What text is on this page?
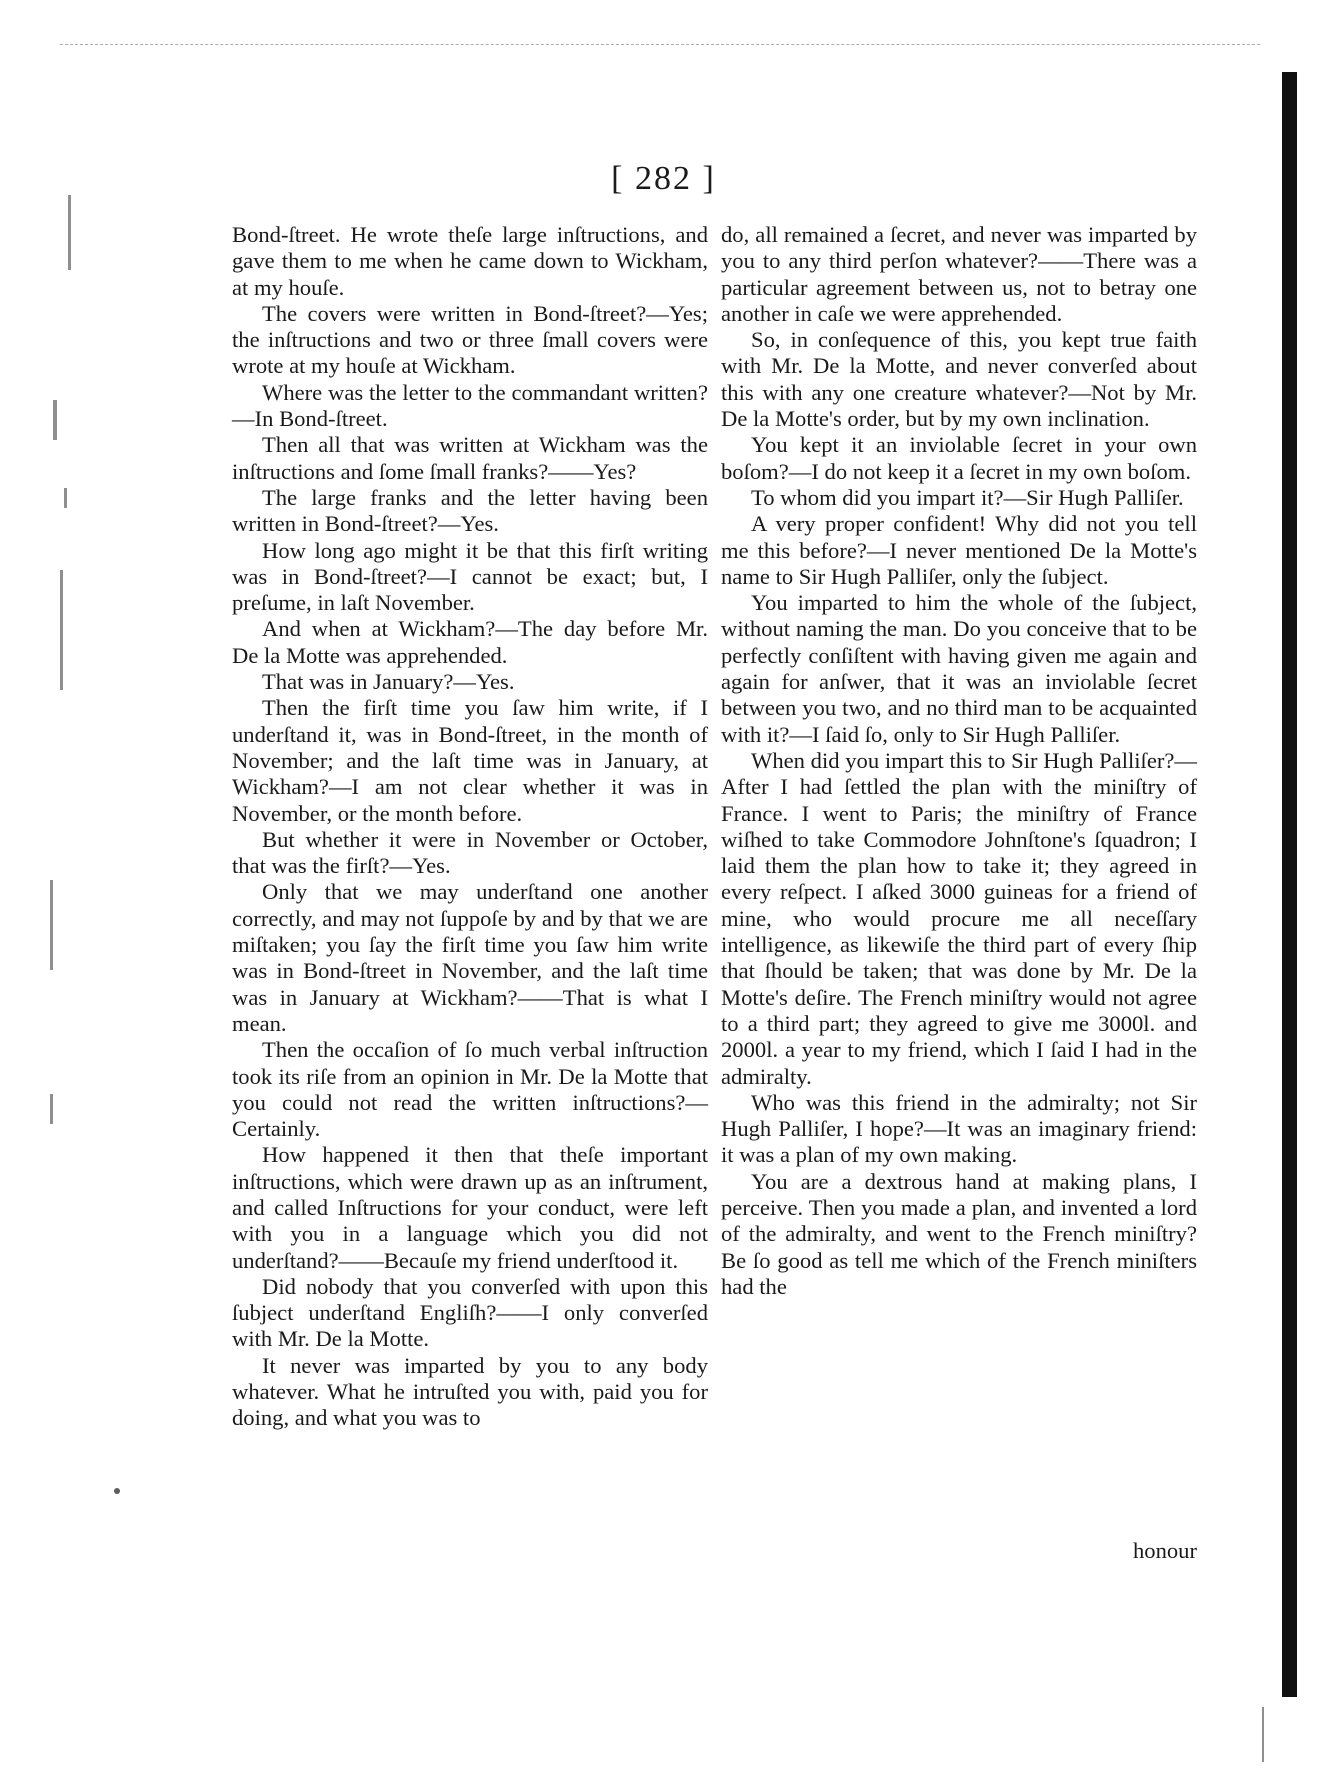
[ 282 ]

Bond-ſtreet. He wrote theſe large inſtructions, and gave them to me when he came down to Wickham, at my houſe.

The covers were written in Bond-ſtreet?—Yes; the inſtructions and two or three ſmall covers were wrote at my houſe at Wickham.

Where was the letter to the commandant written?—In Bond-ſtreet.

Then all that was written at Wickham was the inſtructions and ſome ſmall franks?——Yes?

The large franks and the letter having been written in Bond-ſtreet?—Yes.

How long ago might it be that this firſt writing was in Bond-ſtreet?—I cannot be exact; but, I preſume, in laſt November.

And when at Wickham?—The day before Mr. De la Motte was apprehended.

That was in January?—Yes.

Then the firſt time you ſaw him write, if I underſtand it, was in Bond-ſtreet, in the month of November; and the laſt time was in January, at Wickham?—I am not clear whether it was in November, or the month before.

But whether it were in November or October, that was the firſt?—Yes.

Only that we may underſtand one another correctly, and may not ſuppoſe by and by that we are miſtaken; you ſay the firſt time you ſaw him write was in Bond-ſtreet in November, and the laſt time was in January at Wickham?——That is what I mean.

Then the occaſion of ſo much verbal inſtruction took its riſe from an opinion in Mr. De la Motte that you could not read the written inſtructions?—Certainly.

How happened it then that theſe important inſtructions, which were drawn up as an inſtrument, and called Inſtructions for your conduct, were left with you in a language which you did not underſtand?——Becauſe my friend underſtood it.

Did nobody that you converſed with upon this ſubject underſtand Engliſh?——I only converſed with Mr. De la Motte.

It never was imparted by you to any body whatever. What he intruſted you with, paid you for doing, and what you was to

do, all remained a ſecret, and never was imparted by you to any third perſon whatever?——There was a particular agreement between us, not to betray one another in caſe we were apprehended.

So, in conſequence of this, you kept true faith with Mr. De la Motte, and never converſed about this with any one creature whatever?—Not by Mr. De la Motte's order, but by my own inclination.

You kept it an inviolable ſecret in your own boſom?—I do not keep it a ſecret in my own boſom.

To whom did you impart it?—Sir Hugh Palliſer.

A very proper confident! Why did not you tell me this before?—I never mentioned De la Motte's name to Sir Hugh Palliſer, only the ſubject.

You imparted to him the whole of the ſubject, without naming the man. Do you conceive that to be perfectly conſiſtent with having given me again and again for anſwer, that it was an inviolable ſecret between you two, and no third man to be acquainted with it?—I ſaid ſo, only to Sir Hugh Palliſer.

When did you impart this to Sir Hugh Palliſer?—After I had ſettled the plan with the miniſtry of France. I went to Paris; the miniſtry of France wiſhed to take Commodore Johnſtone's ſquadron; I laid them the plan how to take it; they agreed in every reſpect. I aſked 3000 guineas for a friend of mine, who would procure me all neceſſary intelligence, as likewiſe the third part of every ſhip that ſhould be taken; that was done by Mr. De la Motte's deſire. The French miniſtry would not agree to a third part; they agreed to give me 3000l. and 2000l. a year to my friend, which I ſaid I had in the admiralty.

Who was this friend in the admiralty; not Sir Hugh Palliſer, I hope?—It was an imaginary friend: it was a plan of my own making.

You are a dextrous hand at making plans, I perceive. Then you made a plan, and invented a lord of the admiralty, and went to the French miniſtry? Be ſo good as tell me which of the French miniſters had the

honour
